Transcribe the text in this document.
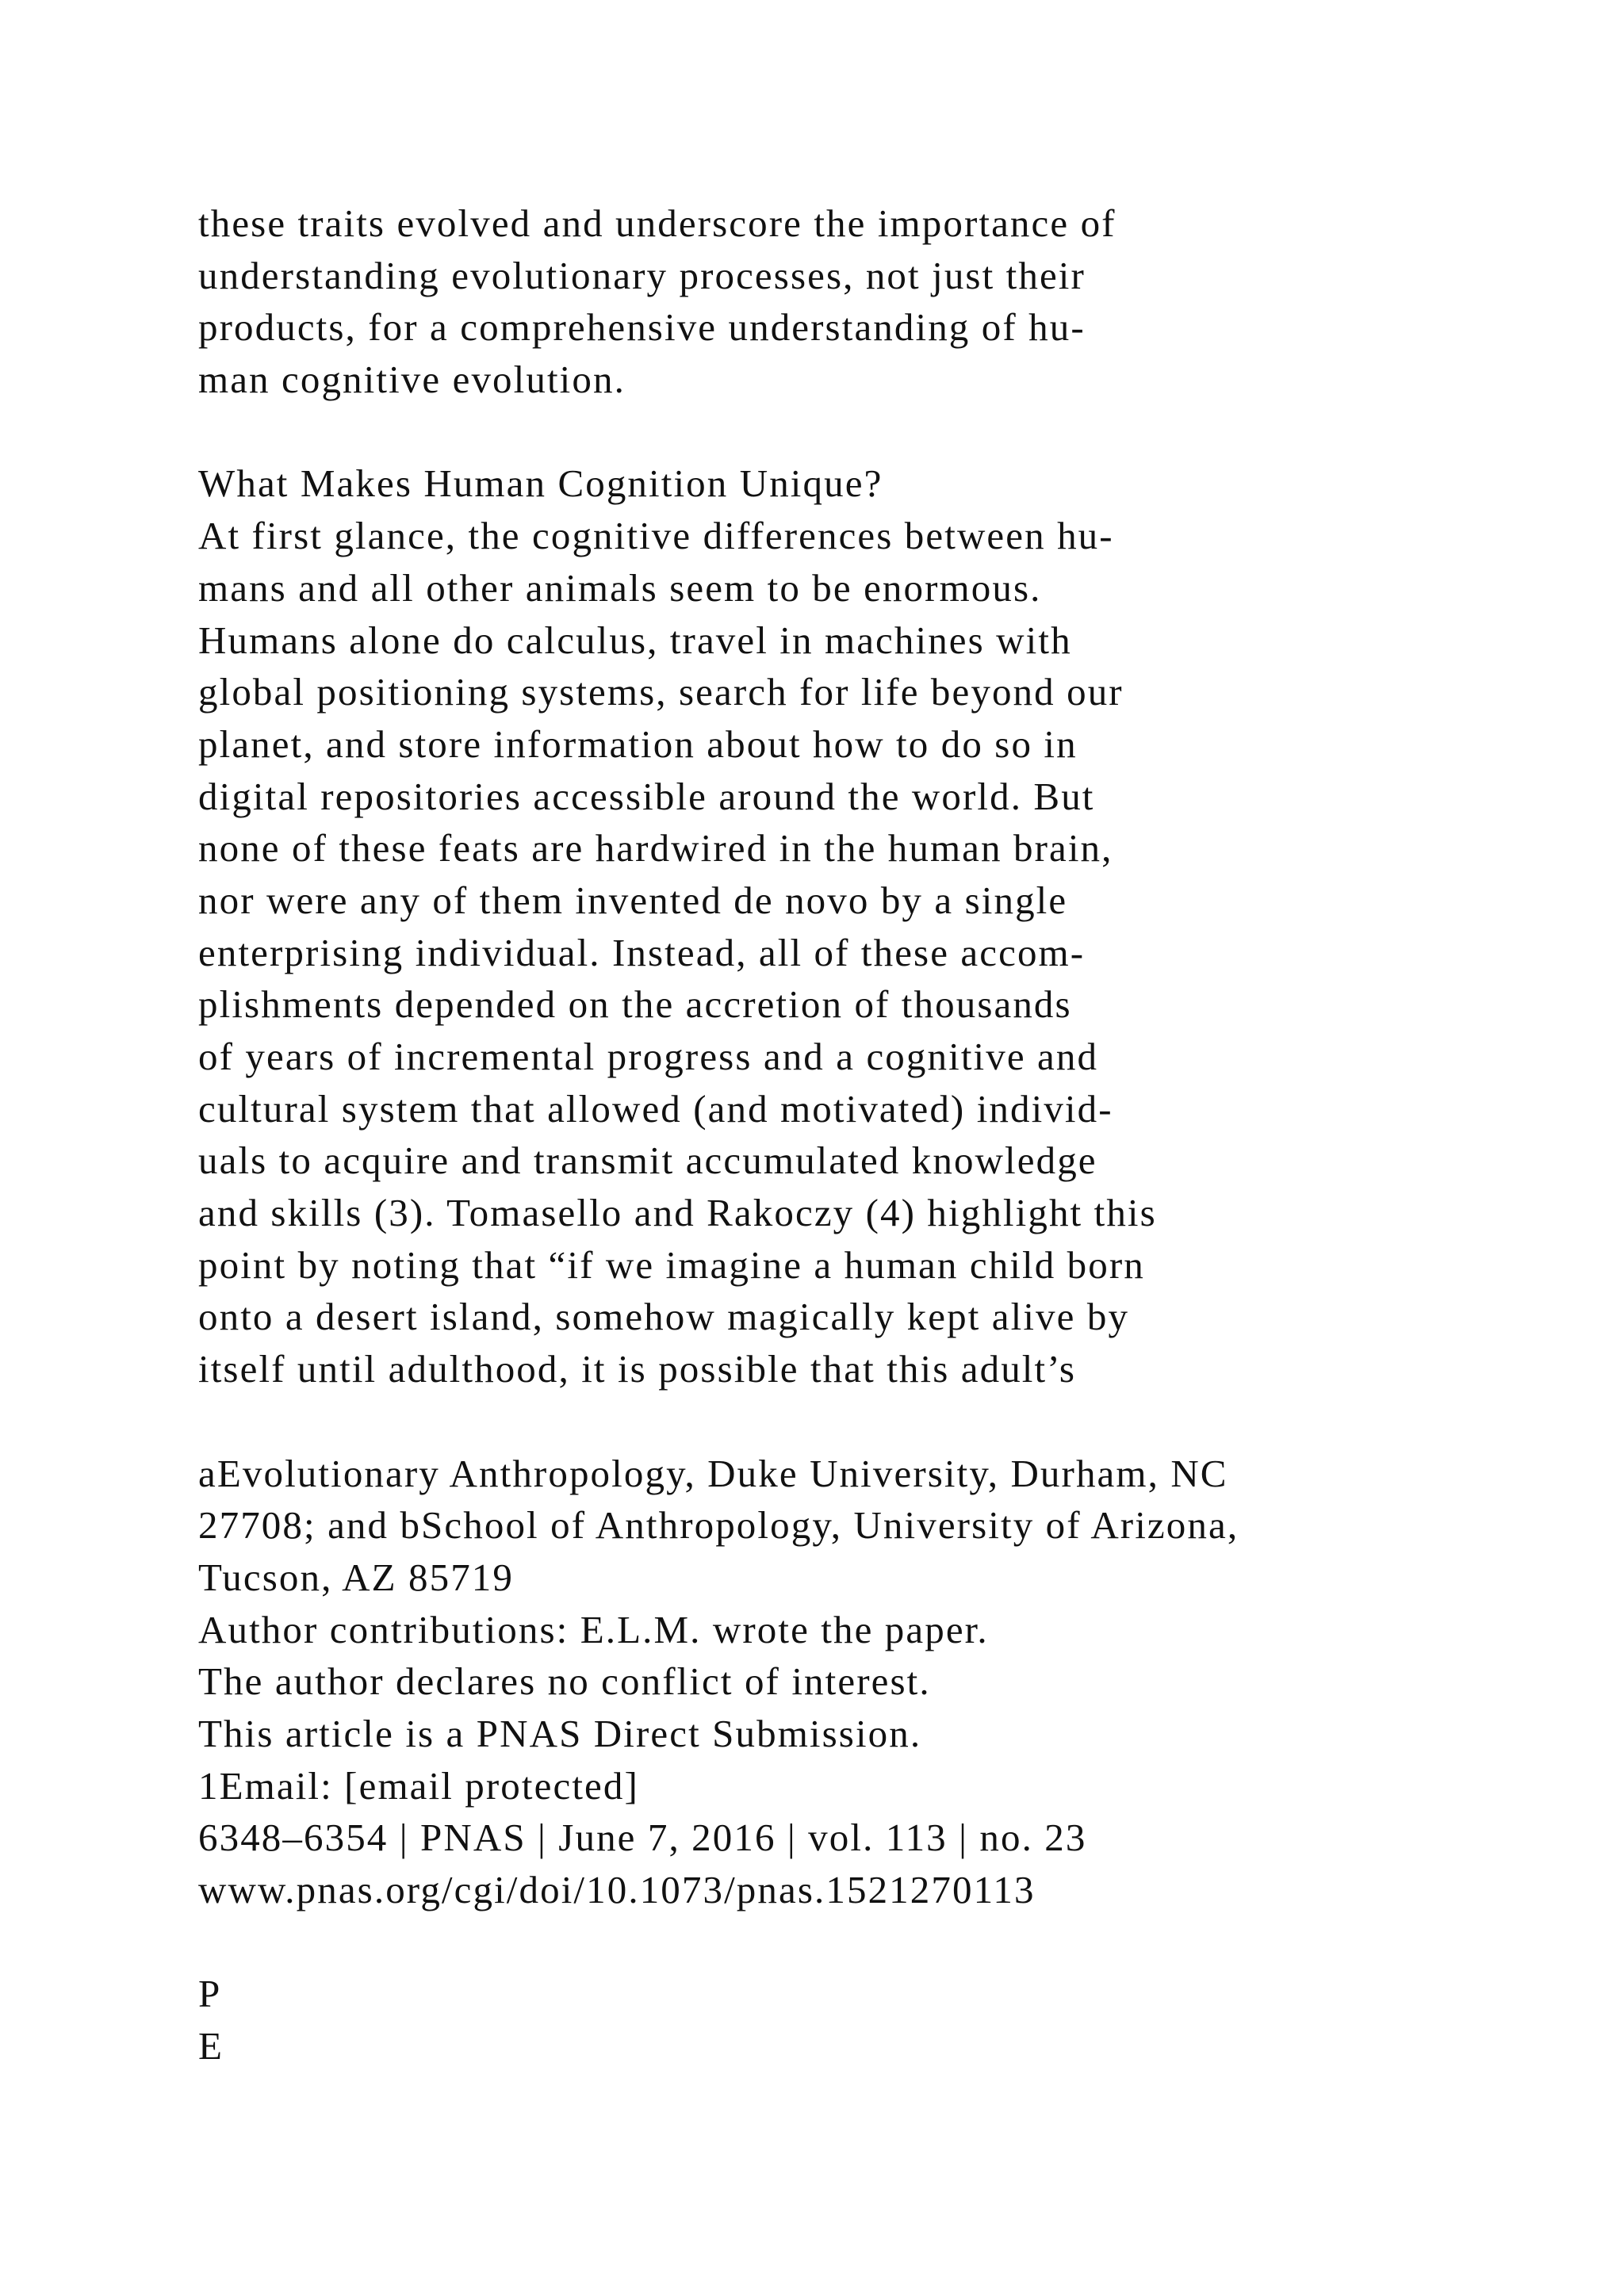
these traits evolved and underscore the importance of
understanding evolutionary processes, not just their
products, for a comprehensive understanding of hu-
man cognitive evolution.
What Makes Human Cognition Unique?
At first glance, the cognitive differences between hu-
mans and all other animals seem to be enormous.
Humans alone do calculus, travel in machines with
global positioning systems, search for life beyond our
planet, and store information about how to do so in
digital repositories accessible around the world. But
none of these feats are hardwired in the human brain,
nor were any of them invented de novo by a single
enterprising individual. Instead, all of these accom-
plishments depended on the accretion of thousands
of years of incremental progress and a cognitive and
cultural system that allowed (and motivated) individ-
uals to acquire and transmit accumulated knowledge
and skills (3). Tomasello and Rakoczy (4) highlight this
point by noting that “if we imagine a human child born
onto a desert island, somehow magically kept alive by
itself until adulthood, it is possible that this adult’s
aEvolutionary Anthropology, Duke University, Durham, NC
27708; and bSchool of Anthropology, University of Arizona,
Tucson, AZ 85719
Author contributions: E.L.M. wrote the paper.
The author declares no conflict of interest.
This article is a PNAS Direct Submission.
1Email: [email protected]
6348–6354 | PNAS | June 7, 2016 | vol. 113 | no. 23
www.pnas.org/cgi/doi/10.1073/pnas.1521270113
P
E
